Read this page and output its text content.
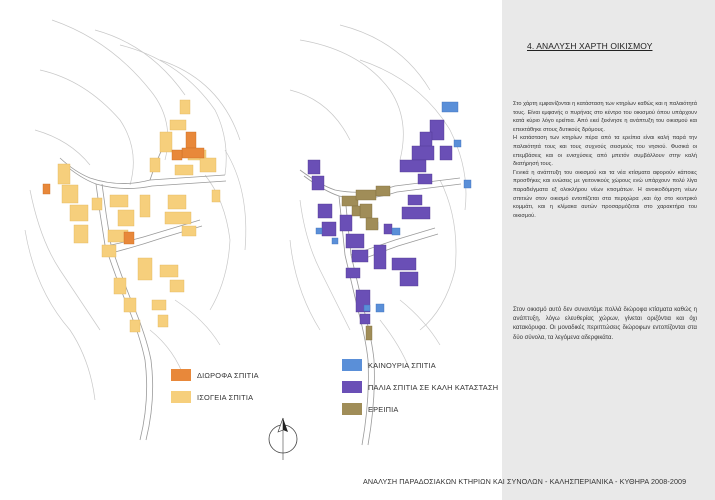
ΔΙΩΡΟΦΑ ΣΠΙΤΙΑ
ΙΣΟΓΕΙΑ ΣΠΙΤΙΑ
ΚΑΙΝΟΥΡΙΑ ΣΠΙΤΙΑ
ΠΑΛΙΑ ΣΠΙΤΙΑ ΣΕ ΚΑΛΗ ΚΑΤΑΣΤΑΣΗ
ΕΡΕΙΠΙΑ
4. ΑΝΑΛΥΣΗ ΧΑΡΤΗ ΟΙΚΙΣΜΟΥ
Στο χάρτη εμφανίζονται η κατάσταση των κτηρίων καθώς και η παλαιότητά τους. Είναι εμφανής ο πυρήνας στο κέντρο του οικισμού όπου υπάρχουν κατά κύριο λόγο ερείπια. Από εκεί ξεκίνησε η ανάπτυξη του οικισμού και επεκτάθηκε στους δυτικούς δρόμους.
Η κατάσταση των κτηρίων πέρα από τα ερείπια είναι καλή παρά την παλαιότητά τους και τους συχνούς σεισμούς του νησιού. Φυσικά οι επεμβάσεις και οι ενισχύσεις από μπετόν συμβάλλουν στην καλή διατήρησή τους.
Γενικά η ανάπτυξη του οικισμού και τα νέα κτίσματα αφορούν κάποιες προσθήκες και ενώσεις με γειτονικούς χώρους ενώ υπάρχουν πολύ λίγα παραδείγματα εξ ολοκλήρου νέων κτισμάτων. Η ανοικοδόμηση νέων σπιτιών στον οικισμό εντοπίζεται στα περιχώρα ,και όχι στο κεντρικό κομμάτι, και η κλίμακα αυτών προσαρμόζεται στο χαρακτήρα του οικισμού.
Στον οικισμό αυτό δεν συναντάμε πολλά διώροφα κτίσματα καθώς η ανάπτυξη, λόγω ελευθερίας χώρων, γίνεται οριζόντια και όχι κατακόρυφα. Οι μοναδικές περιπτώσεις διώροφων εντοπίζονται στα δύο σύνολα, τα λεγόμενα αδερφικάτα.
ΑΝΑΛΥΣΗ ΠΑΡΑΔΟΣΙΑΚΩΝ ΚΤΗΡΙΩΝ ΚΑΙ ΣΥΝΟΛΩΝ - ΚΑΛΗΣΠΕΡΙΑΝΙΚΑ - ΚΥΘΗΡΑ 2008-2009
